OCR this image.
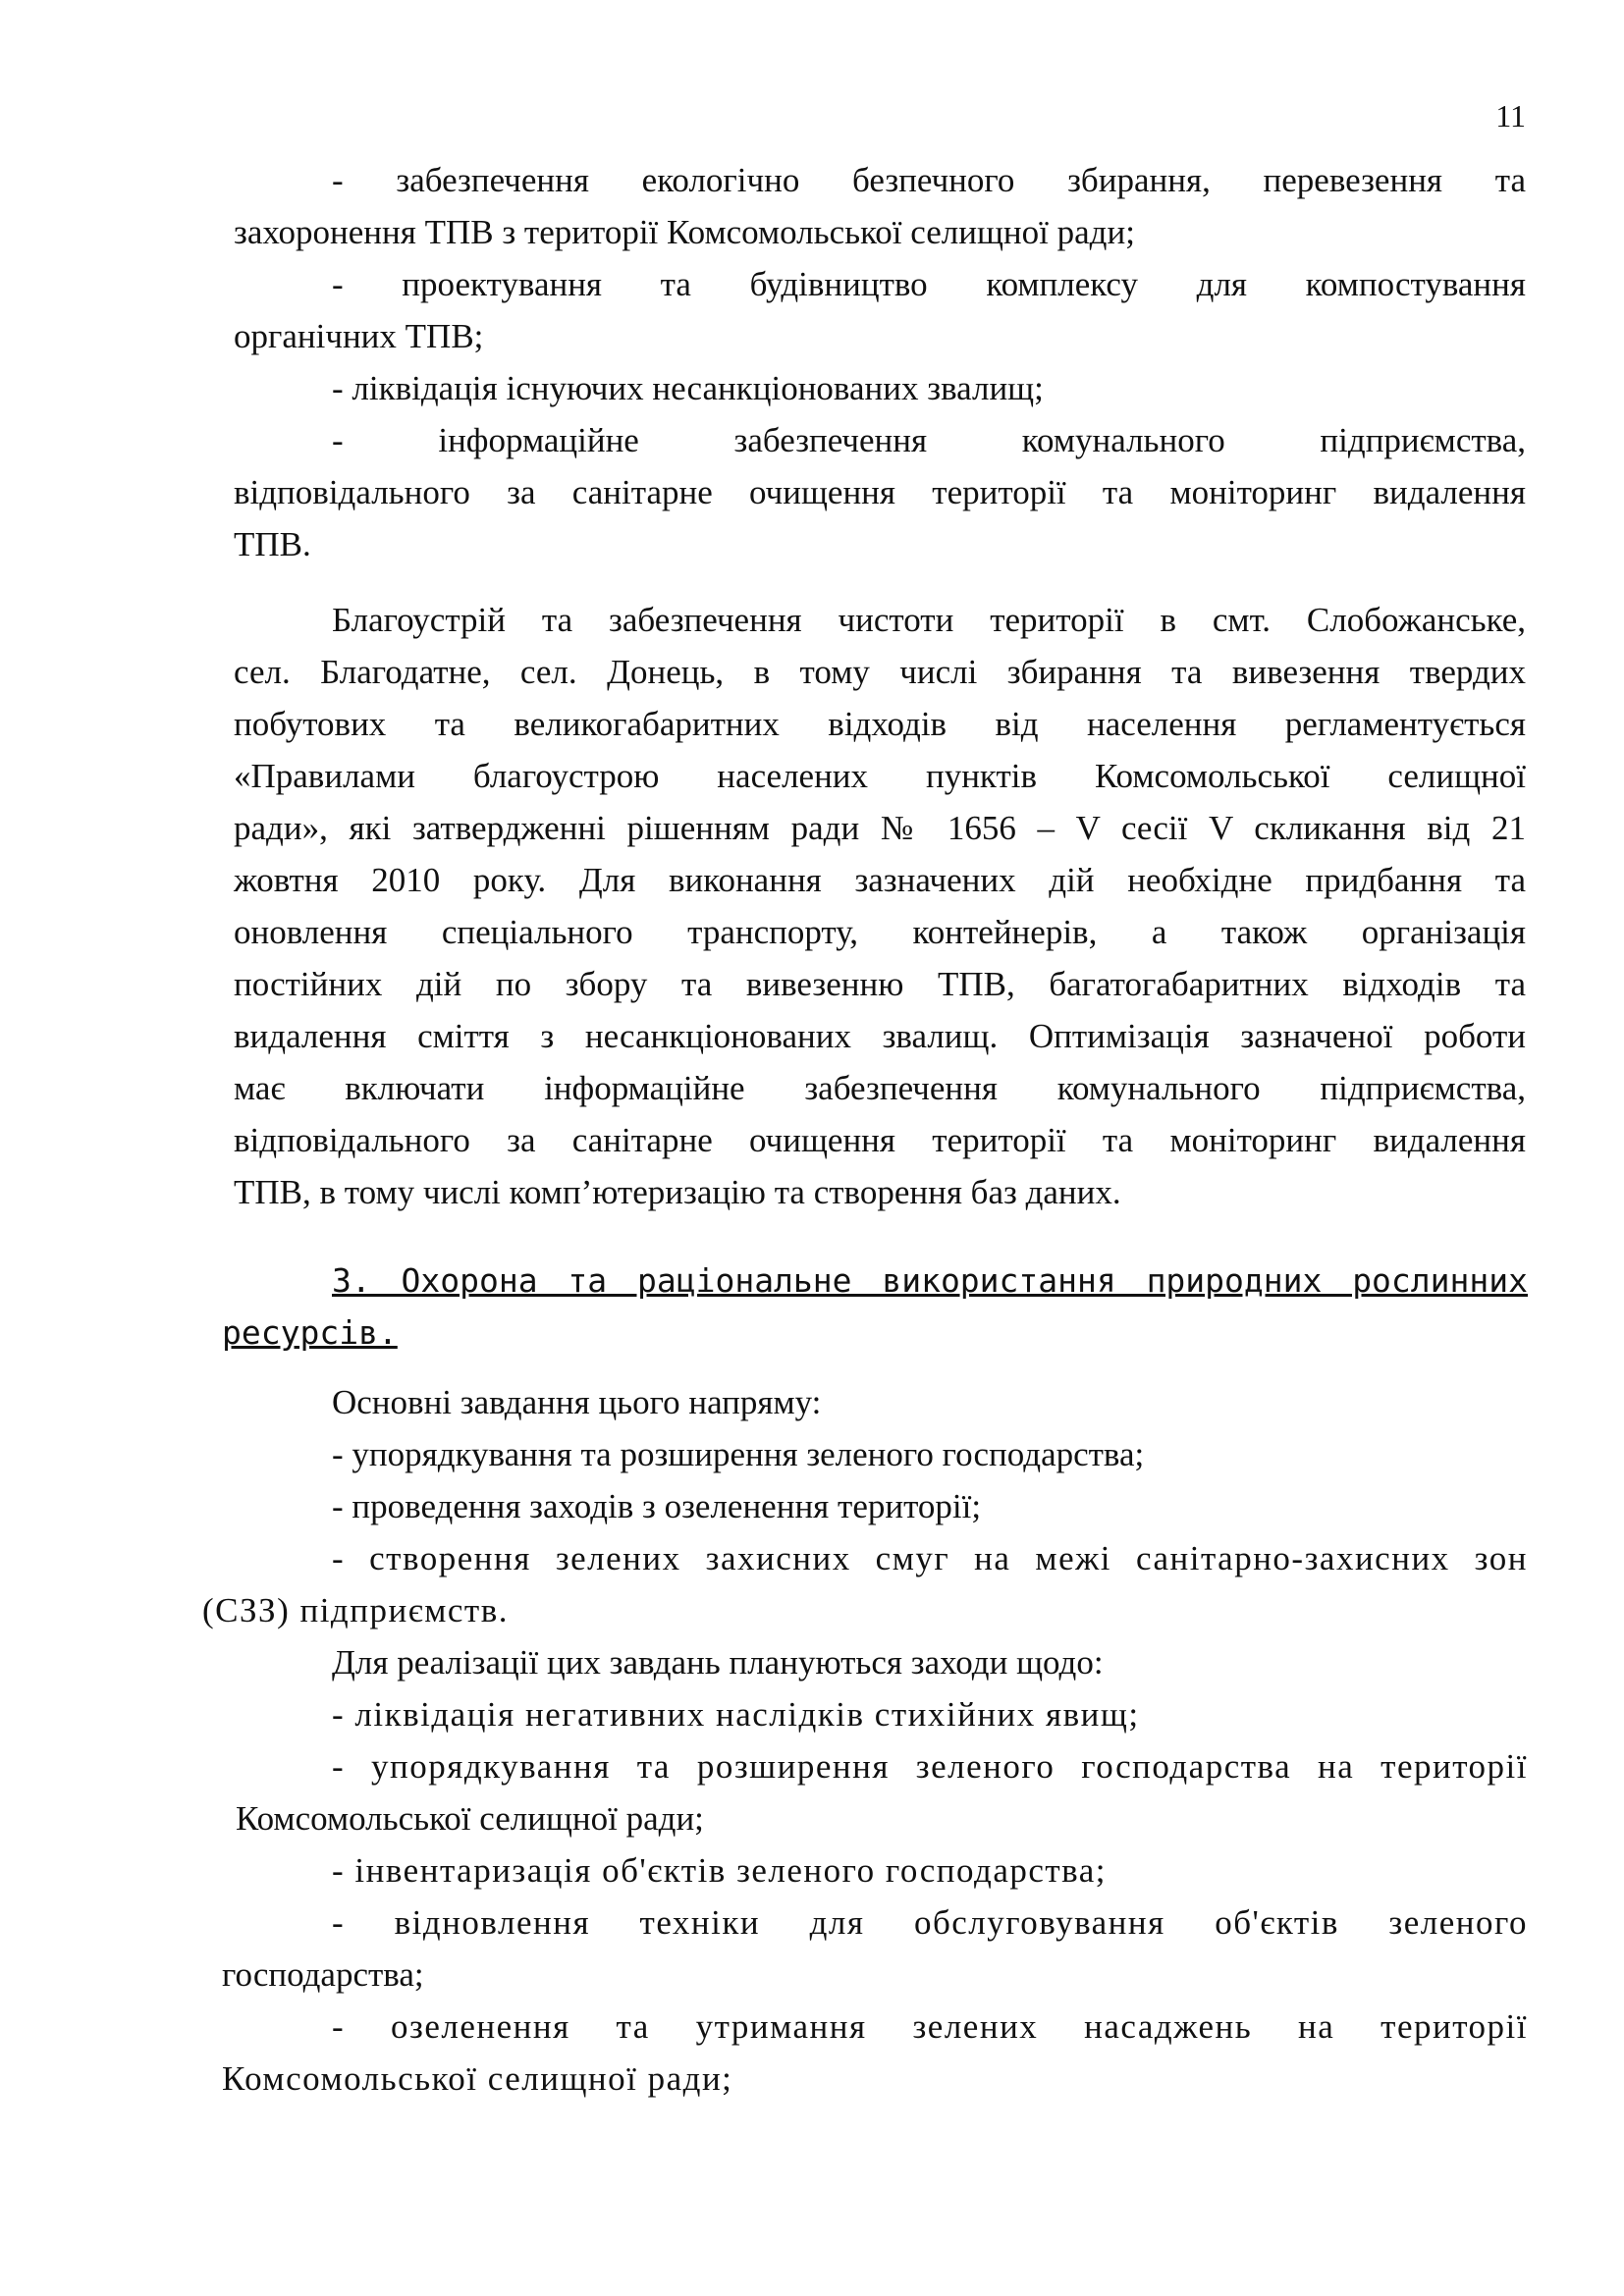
11
- забезпечення екологічно безпечного збирання, перевезення та
захоронення ТПВ з території Комсомольської селищної ради;
- проектування та будівництво комплексу для компостування
органічних ТПВ;
- ліквідація існуючих несанкціонованих звалищ;
- інформаційне забезпечення комунального підприємства,
відповідального за санітарне очищення території та моніторинг видалення
ТПВ.
Благоустрій та забезпечення чистоти території в смт. Слобожанське,
сел. Благодатне, сел. Донець, в тому числі збирання та вивезення твердих
побутових та великогабаритних відходів від населення регламентується
«Правилами благоустрою населених пунктів Комсомольської селищної
ради», які затвердженні рішенням ради № 1656 – V сесії V скликання від 21
жовтня 2010 року. Для виконання зазначених дій необхідне придбання та
оновлення спеціального транспорту, контейнерів, а також організація
постійних дій по збору та вивезенню ТПВ, багатогабаритних відходів та
видалення сміття з несанкціонованих звалищ. Оптимізація зазначеної роботи
має включати інформаційне забезпечення комунального підприємства,
відповідального за санітарне очищення території та моніторинг видалення
ТПВ, в тому числі комп’ютеризацію та створення баз даних.
3. Охорона та раціональне використання природних рослинних
ресурсів.
Основні завдання цього напряму:
- упорядкування та розширення зеленого господарства;
- проведення заходів з озеленення території;
- створення зелених захисних смуг на межі санітарно-захисних зон
(СЗЗ) підприємств.
Для реалізації цих завдань плануються заходи щодо:
- ліквідація негативних наслідків стихійних явищ;
- упорядкування та розширення зеленого господарства на території
Комсомольської селищної ради;
- інвентаризація об'єктів зеленого господарства;
- відновлення техніки для обслуговування об'єктів зеленого
господарства;
- озеленення та утримання зелених насаджень на території
Комсомольської селищної ради;
